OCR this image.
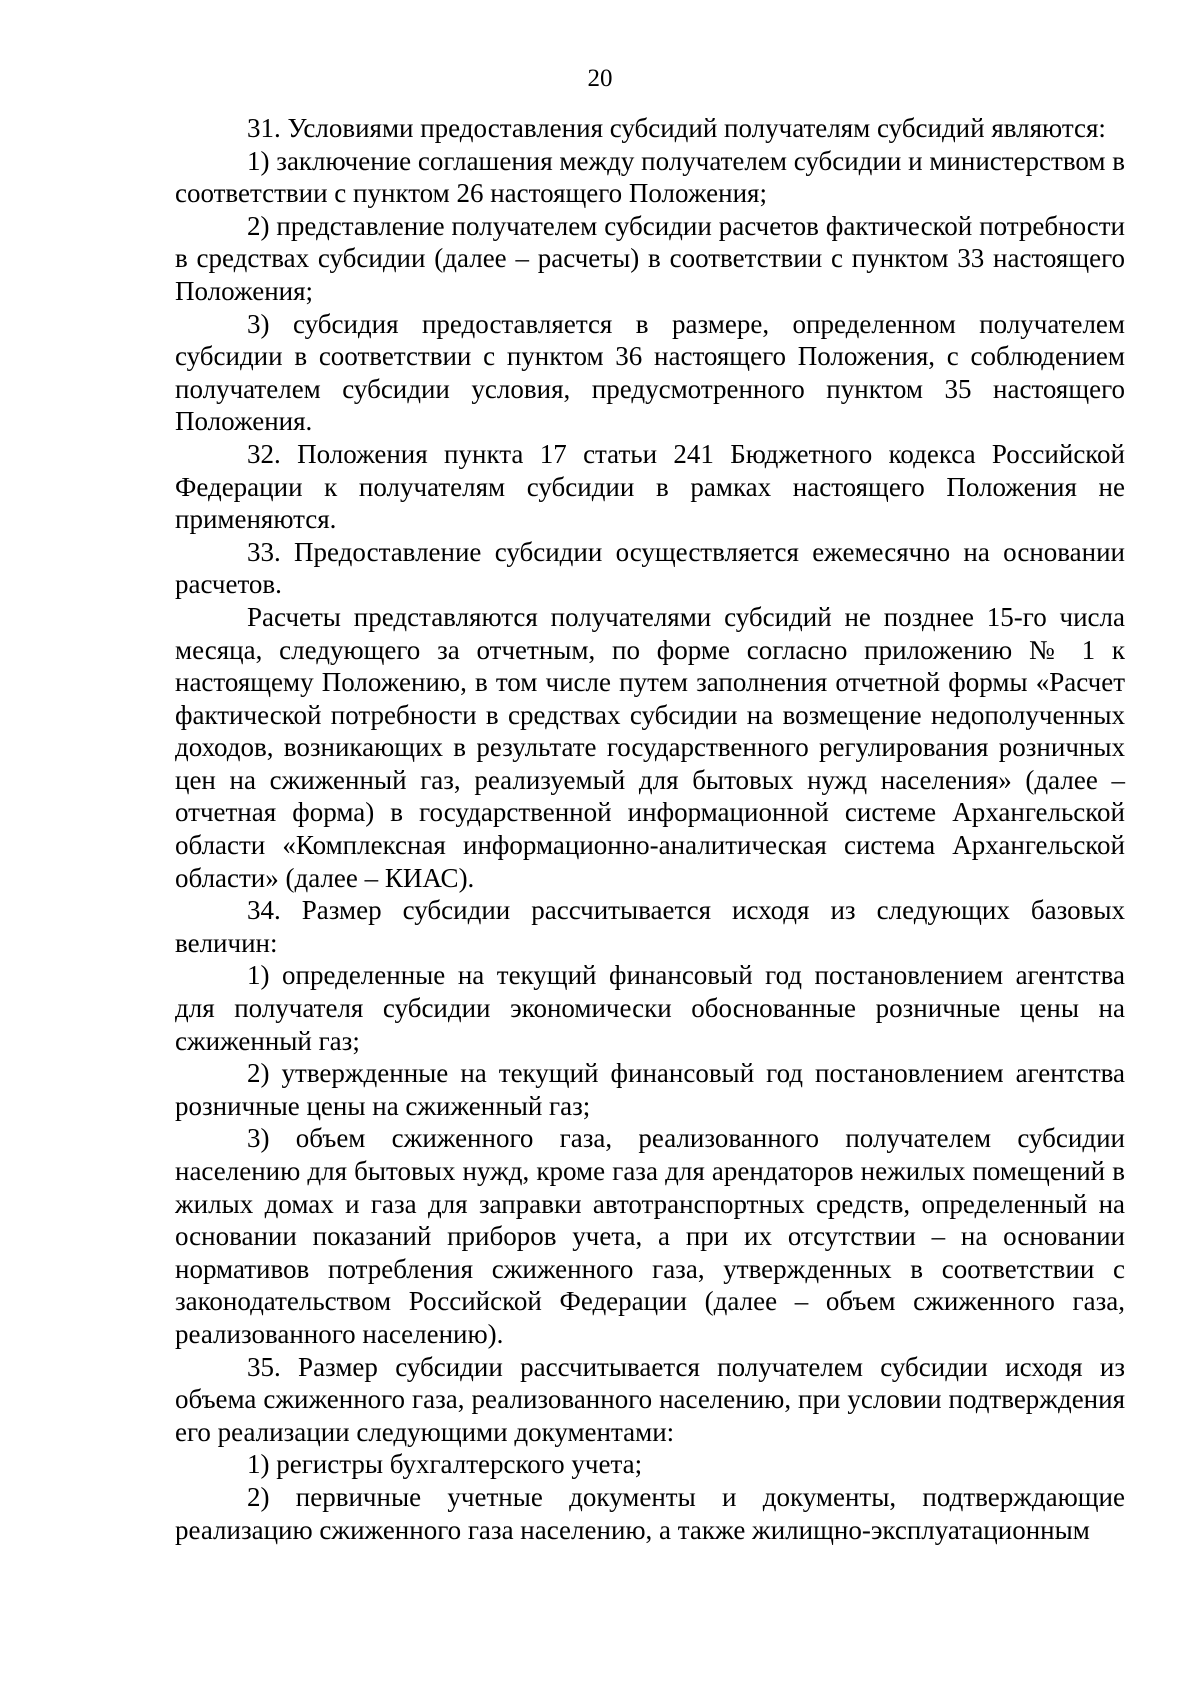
20

31. Условиями предоставления субсидий получателям субсидий являются:

1) заключение соглашения между получателем субсидии и министерством в соответствии с пунктом 26 настоящего Положения;

2) представление получателем субсидии расчетов фактической потребности в средствах субсидии (далее – расчеты) в соответствии с пунктом 33 настоящего Положения;

3) субсидия предоставляется в размере, определенном получателем субсидии в соответствии с пунктом 36 настоящего Положения, с соблюдением получателем субсидии условия, предусмотренного пунктом 35 настоящего Положения.

32. Положения пункта 17 статьи 241 Бюджетного кодекса Российской Федерации к получателям субсидии в рамках настоящего Положения не применяются.

33. Предоставление субсидии осуществляется ежемесячно на основании расчетов.

Расчеты представляются получателями субсидий не позднее 15-го числа месяца, следующего за отчетным, по форме согласно приложению № 1 к настоящему Положению, в том числе путем заполнения отчетной формы «Расчет фактической потребности в средствах субсидии на возмещение недополученных доходов, возникающих в результате государственного регулирования розничных цен на сжиженный газ, реализуемый для бытовых нужд населения» (далее – отчетная форма) в государственной информационной системе Архангельской области «Комплексная информационно-аналитическая система Архангельской области» (далее – КИАС).

34. Размер субсидии рассчитывается исходя из следующих базовых величин:

1) определенные на текущий финансовый год постановлением агентства для получателя субсидии экономически обоснованные розничные цены на сжиженный газ;

2) утвержденные на текущий финансовый год постановлением агентства розничные цены на сжиженный газ;

3) объем сжиженного газа, реализованного получателем субсидии населению для бытовых нужд, кроме газа для арендаторов нежилых помещений в жилых домах и газа для заправки автотранспортных средств, определенный на основании показаний приборов учета, а при их отсутствии – на основании нормативов потребления сжиженного газа, утвержденных в соответствии с законодательством Российской Федерации (далее – объем сжиженного газа, реализованного населению).

35. Размер субсидии рассчитывается получателем субсидии исходя из объема сжиженного газа, реализованного населению, при условии подтверждения его реализации следующими документами:

1) регистры бухгалтерского учета;

2) первичные учетные документы и документы, подтверждающие реализацию сжиженного газа населению, а также жилищно-эксплуатационным
